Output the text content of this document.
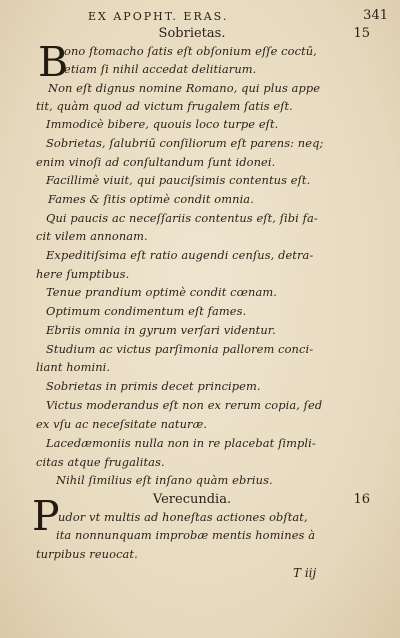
EX APOPHT. ERAS.	341
Sobrietas.	15
B
ono ſtomacho ſatis eſt obſonium eſſe coctū,
etiam ſi nihil accedat delitiarum.
Non eſt dignus nomine Romano, qui plus appe
tit, quàm quod ad victum frugalem ſatis eſt.
Immodicè bibere, quouis loco turpe eſt.
Sobrietas, ſalubriū conſiliorum eſt parens: neq;
enim vinoſi ad conſultandum ſunt idonei.
Facillimè viuit, qui pauciſsimis contentus eſt.
Fames & ſitis optimè condit omnia.
Qui paucis ac neceſſariis contentus eſt, ſibi fa-
cit vilem annonam.
Expeditiſsima eſt ratio augendi cenſus, detra-
here ſumptibus.
Tenue prandium optimè condit cœnam.
Optimum condimentum eſt fames.
Ebriis omnia in gyrum verſari videntur.
Studium ac victus parſimonia pallorem conci-
liant homini.
Sobrietas in primis decet principem.
Victus moderandus eſt non ex rerum copia, ſed
ex vſu ac neceſsitate naturæ.
Lacedæmoniis nulla non in re placebat ſimpli-
citas atque frugalitas.
Nihil ſimilius eſt inſano quàm ebrius.
Verecundia.	16
P
udor vt multis ad honeſtas actiones obſtat,
ita nonnunquam improbæ mentis homines à
turpibus reuocat.
T iij
